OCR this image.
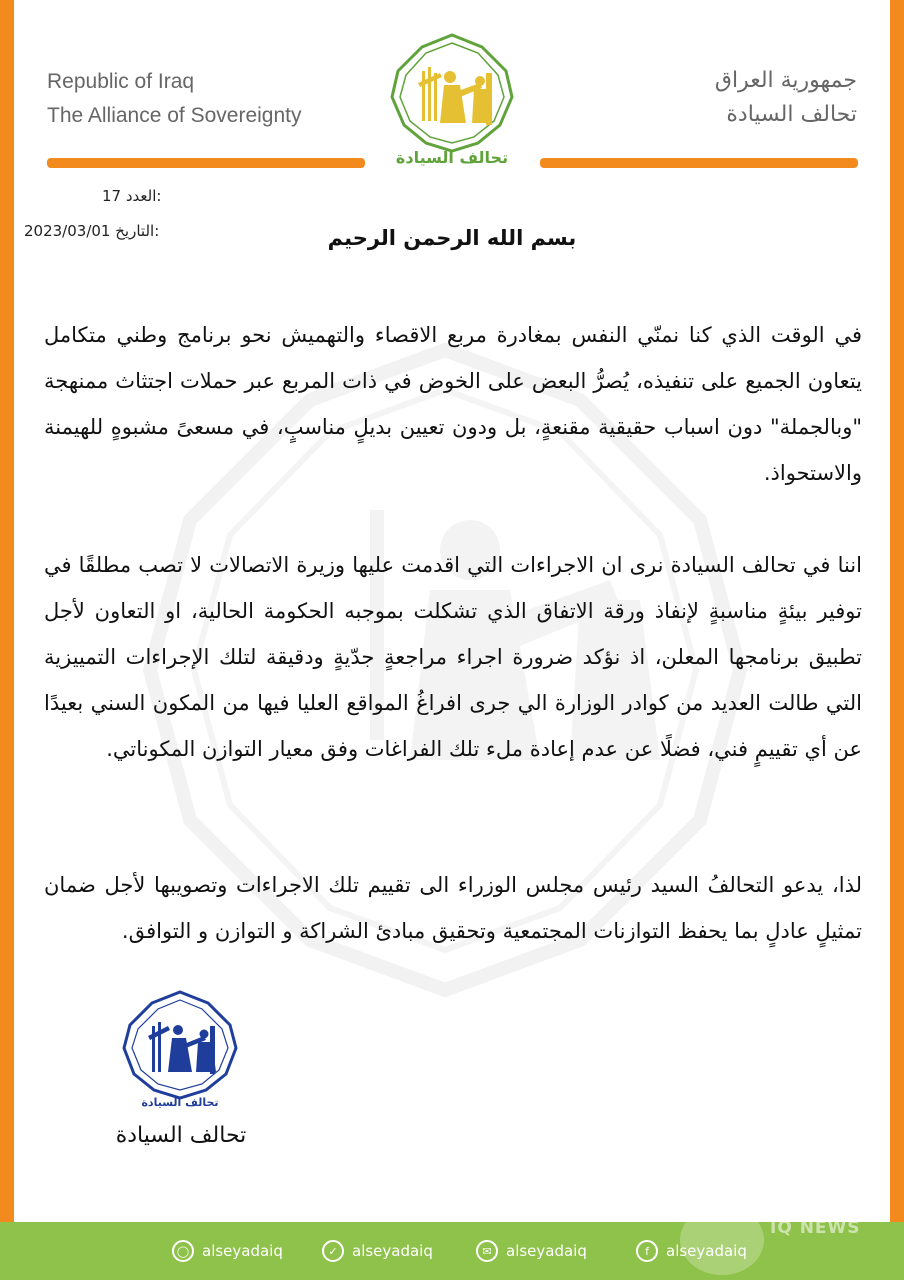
Republic of Iraq
The Alliance of Sovereignty
جمهورية العراق
تحالف السيادة
تحالف السيادة
17 العدد:
2023/03/01 التاريخ:	بسم الله الرحمن الرحيم
في الوقت الذي كنا نمنّي النفس بمغادرة مربع الاقصاء والتهميش نحو برنامج وطني متكامل يتعاون الجميع على تنفيذه، يُصرُّ البعض على الخوض في ذات المربع عبر حملات اجتثاث ممنهجة "وبالجملة" دون اسباب حقيقية مقنعةٍ، بل ودون تعيين بديلٍ مناسبٍ، في مسعىً مشبوهٍ للهيمنة والاستحواذ.
اننا في تحالف السيادة نرى ان الاجراءات التي اقدمت عليها وزيرة الاتصالات لا تصب مطلقًا في توفير بيئةٍ مناسبةٍ لإنفاذ ورقة الاتفاق الذي تشكلت بموجبه الحكومة الحالية، او التعاون لأجل تطبيق برنامجها المعلن، اذ نؤكد ضرورة اجراء مراجعةٍ جدّيةٍ ودقيقة لتلك الإجراءات التمييزية التي طالت العديد من كوادر الوزارة الي جرى افراغُ المواقع العليا فيها من المكون السني بعيدًا عن أي تقييمٍ فني، فضلًا عن عدم إعادة ملء تلك الفراغات وفق معيار التوازن المكوناتي.
لذا، يدعو التحالفُ السيد رئيس مجلس الوزراء الى تقييم تلك الاجراءات وتصويبها لأجل ضمان تمثيلٍ عادلٍ بما يحفظ التوازنات المجتمعية وتحقيق مبادئ الشراكة و التوازن و التوافق.
تحالف السيادة
تحالف السيادة
IQ NEWS
◯ alseyadaiq	✓ alseyadaiq	✉ alseyadaiq	f	alseyadaiq
